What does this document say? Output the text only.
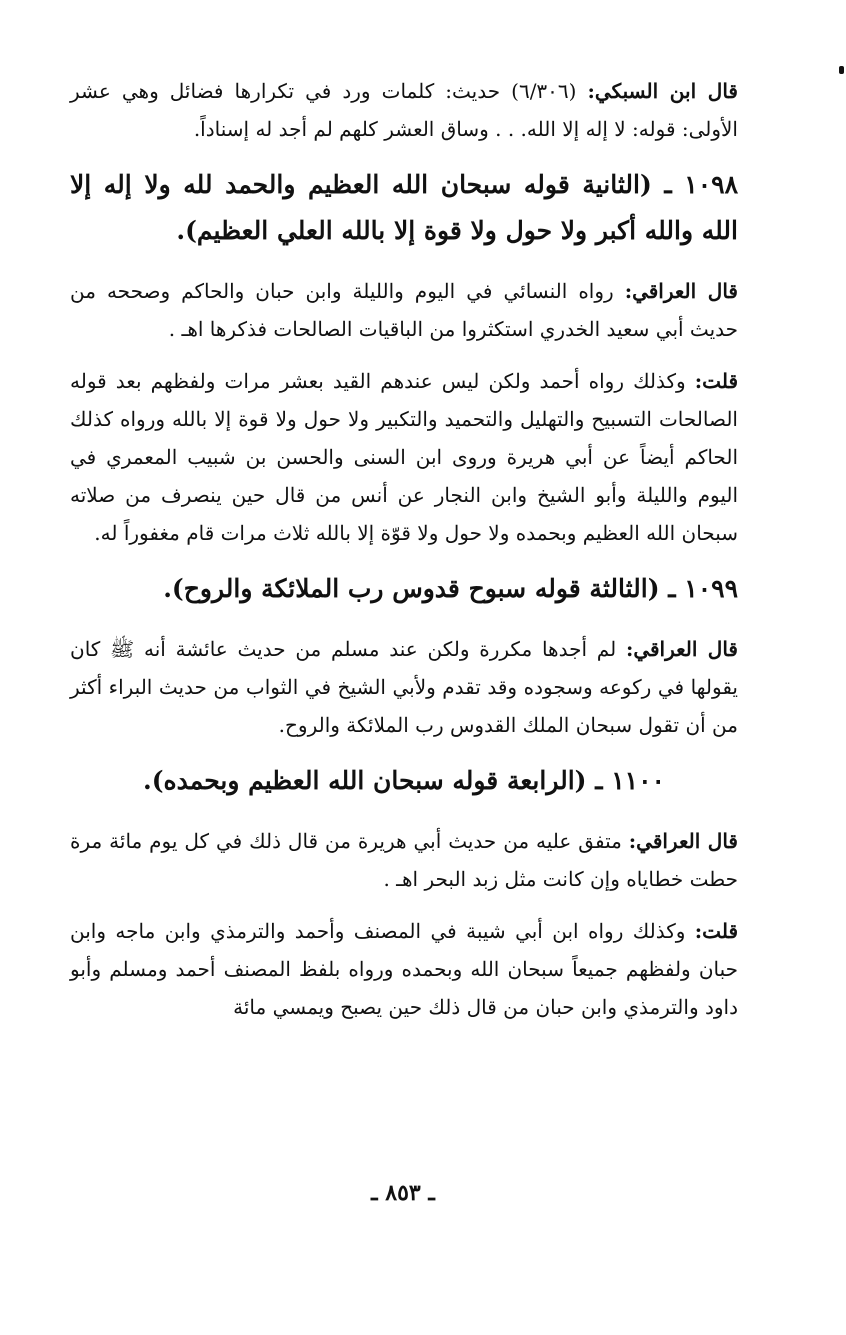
قال ابن السبكي: (٦/٣٠٦) حديث: كلمات ورد في تكرارها فضائل وهي عشر الأولى: قوله: لا إله إلا الله. . . وساق العشر كلهم لم أجد له إسناداً.

١٠٩٨ ـ (الثانية قوله سبحان الله العظيم والحمد لله ولا إله إلا الله والله أكبر ولا حول ولا قوة إلا بالله العلي العظيم).

قال العراقي: رواه النسائي في اليوم والليلة وابن حبان والحاكم وصححه من حديث أبي سعيد الخدري استكثروا من الباقيات الصالحات فذكرها اهـ .

قلت: وكذلك رواه أحمد ولكن ليس عندهم القيد بعشر مرات ولفظهم بعد قوله الصالحات التسبيح والتهليل والتحميد والتكبير ولا حول ولا قوة إلا بالله ورواه كذلك الحاكم أيضاً عن أبي هريرة وروى ابن السنى والحسن بن شبيب المعمري في اليوم والليلة وأبو الشيخ وابن النجار عن أنس من قال حين ينصرف من صلاته سبحان الله العظيم وبحمده ولا حول ولا قوّة إلا بالله ثلاث مرات قام مغفوراً له.

١٠٩٩ ـ (الثالثة قوله سبوح قدوس رب الملائكة والروح).

قال العراقي: لم أجدها مكررة ولكن عند مسلم من حديث عائشة أنه ﷺ كان يقولها في ركوعه وسجوده وقد تقدم ولأبي الشيخ في الثواب من حديث البراء أكثر من أن تقول سبحان الملك القدوس رب الملائكة والروح.

١١٠٠ ـ (الرابعة قوله سبحان الله العظيم وبحمده).

قال العراقي: متفق عليه من حديث أبي هريرة من قال ذلك في كل يوم مائة مرة حطت خطاياه وإن كانت مثل زبد البحر اهـ .

قلت: وكذلك رواه ابن أبي شيبة في المصنف وأحمد والترمذي وابن ماجه وابن حبان ولفظهم جميعاً سبحان الله وبحمده ورواه بلفظ المصنف أحمد ومسلم وأبو داود والترمذي وابن حبان من قال ذلك حين يصبح ويمسي مائة

ـ ٨٥٣ ـ
